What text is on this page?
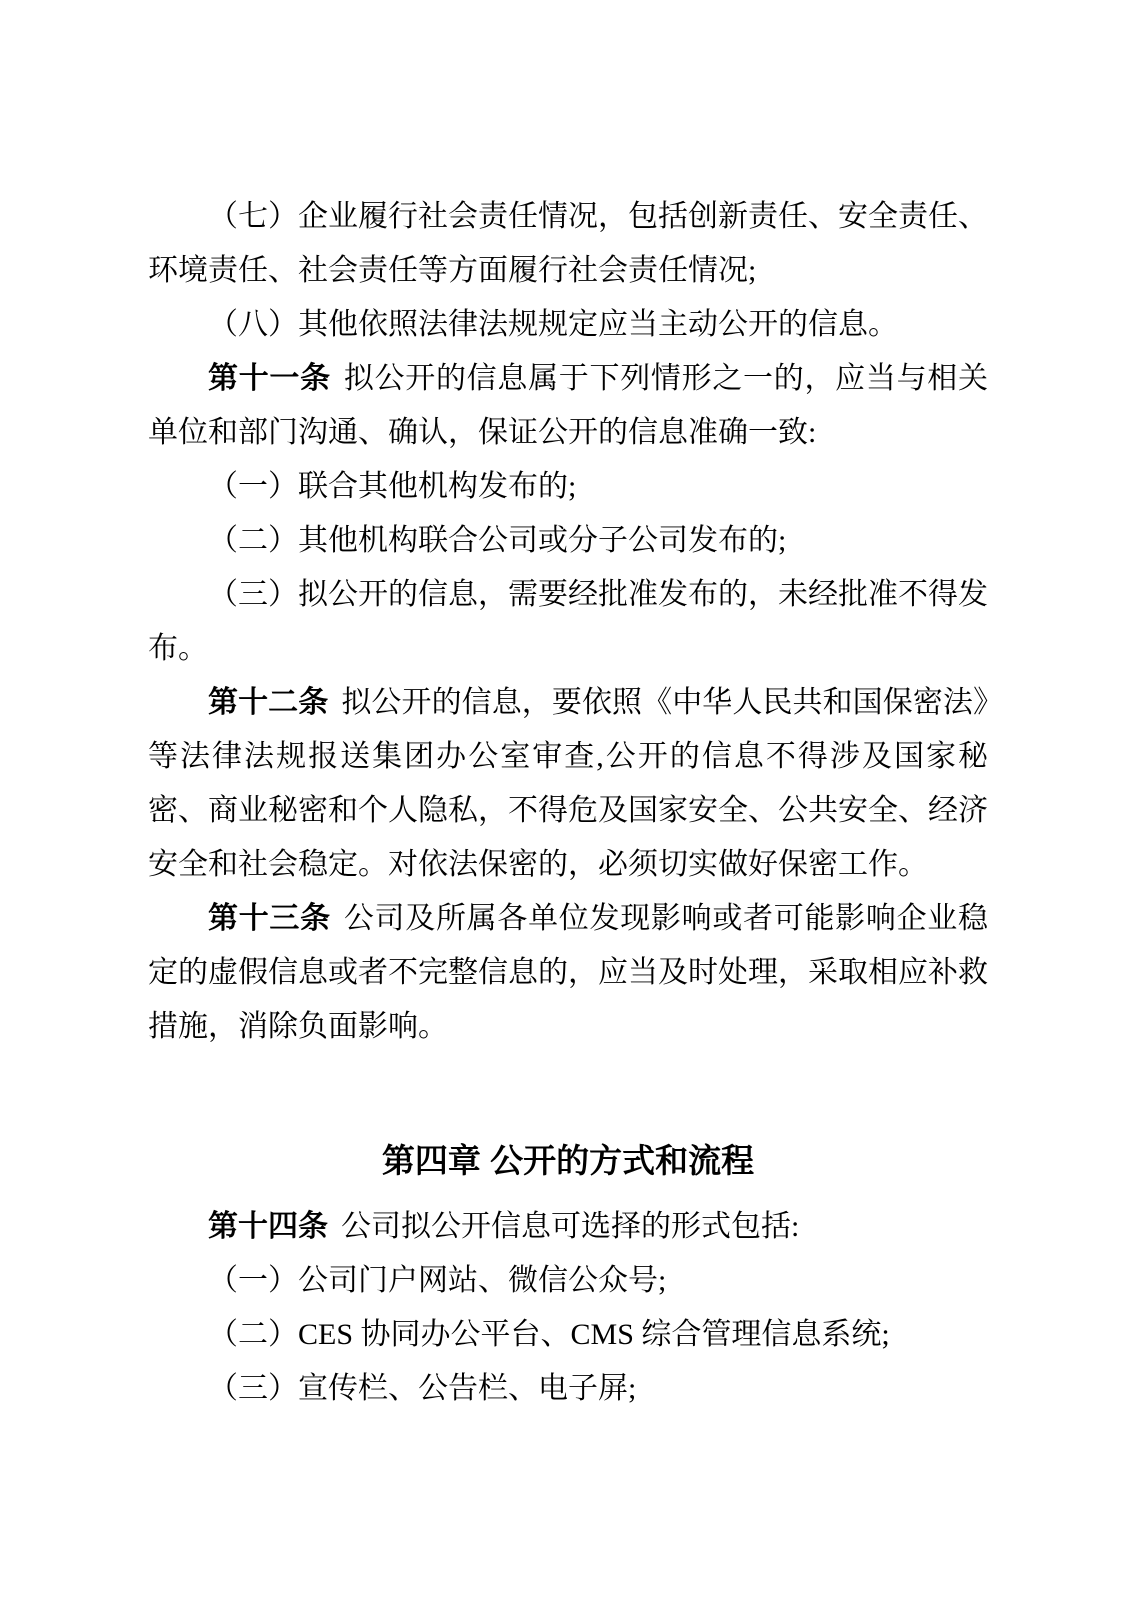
（七）企业履行社会责任情况，包括创新责任、安全责任、环境责任、社会责任等方面履行社会责任情况;

（八）其他依照法律法规规定应当主动公开的信息。

第十一条 拟公开的信息属于下列情形之一的，应当与相关单位和部门沟通、确认，保证公开的信息准确一致:

（一）联合其他机构发布的;

（二）其他机构联合公司或分子公司发布的;

（三）拟公开的信息，需要经批准发布的，未经批准不得发布。

第十二条 拟公开的信息，要依照《中华人民共和国保密法》等法律法规报送集团办公室审查,公开的信息不得涉及国家秘密、商业秘密和个人隐私，不得危及国家安全、公共安全、经济安全和社会稳定。对依法保密的，必须切实做好保密工作。

第十三条 公司及所属各单位发现影响或者可能影响企业稳定的虚假信息或者不完整信息的，应当及时处理，采取相应补救措施，消除负面影响。

第四章 公开的方式和流程

第十四条 公司拟公开信息可选择的形式包括:

（一）公司门户网站、微信公众号;

（二）CES 协同办公平台、CMS 综合管理信息系统;

（三）宣传栏、公告栏、电子屏;
